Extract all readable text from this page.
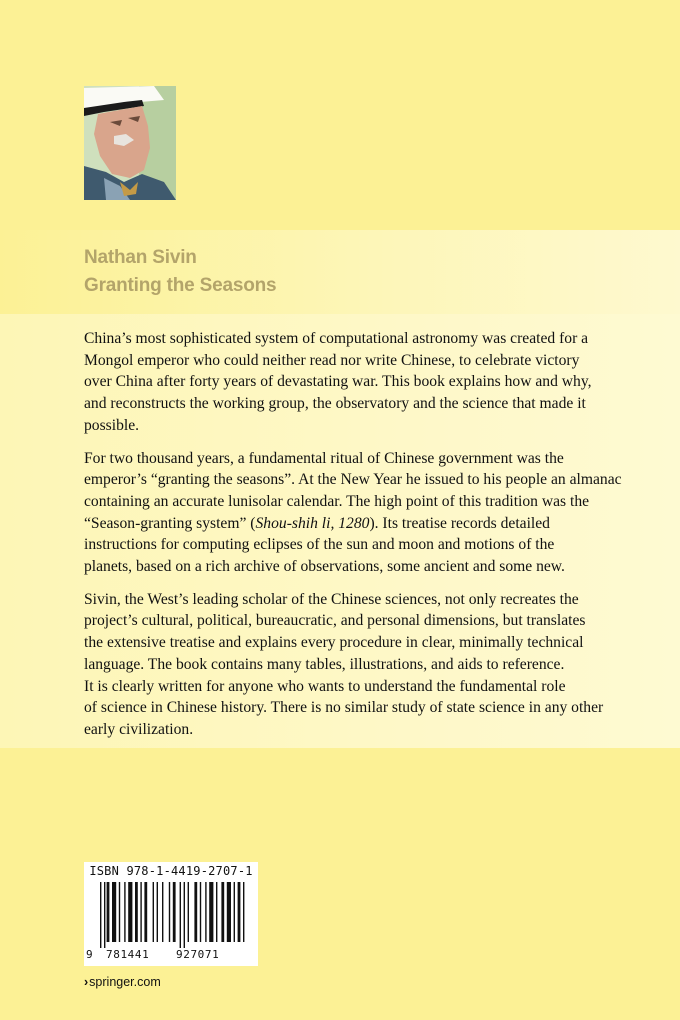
Nathan Sivin
Granting the Seasons

China’s most sophisticated system of computational astronomy was created for a
Mongol emperor who could neither read nor write Chinese, to celebrate victory
over China after forty years of devastating war. This book explains how and why,
and reconstructs the working group, the observatory and the science that made it
possible.

For two thousand years, a fundamental ritual of Chinese government was the
emperor’s “granting the seasons”. At the New Year he issued to his people an almanac
containing an accurate lunisolar calendar. The high point of this tradition was the
“Season-granting system” (Shou-shih li, 1280). Its treatise records detailed
instructions for computing eclipses of the sun and moon and motions of the
planets, based on a rich archive of observations, some ancient and some new.

Sivin, the West’s leading scholar of the Chinese sciences, not only recreates the
project’s cultural, political, bureaucratic, and personal dimensions, but translates
the extensive treatise and explains every procedure in clear, minimally technical
language. The book contains many tables, illustrations, and aids to reference.
It is clearly written for anyone who wants to understand the fundamental role
of science in Chinese history. There is no similar study of state science in any other
early civilization.

ISBN 978-1-4419-2707-1
9 781441 927071
›springer.com
